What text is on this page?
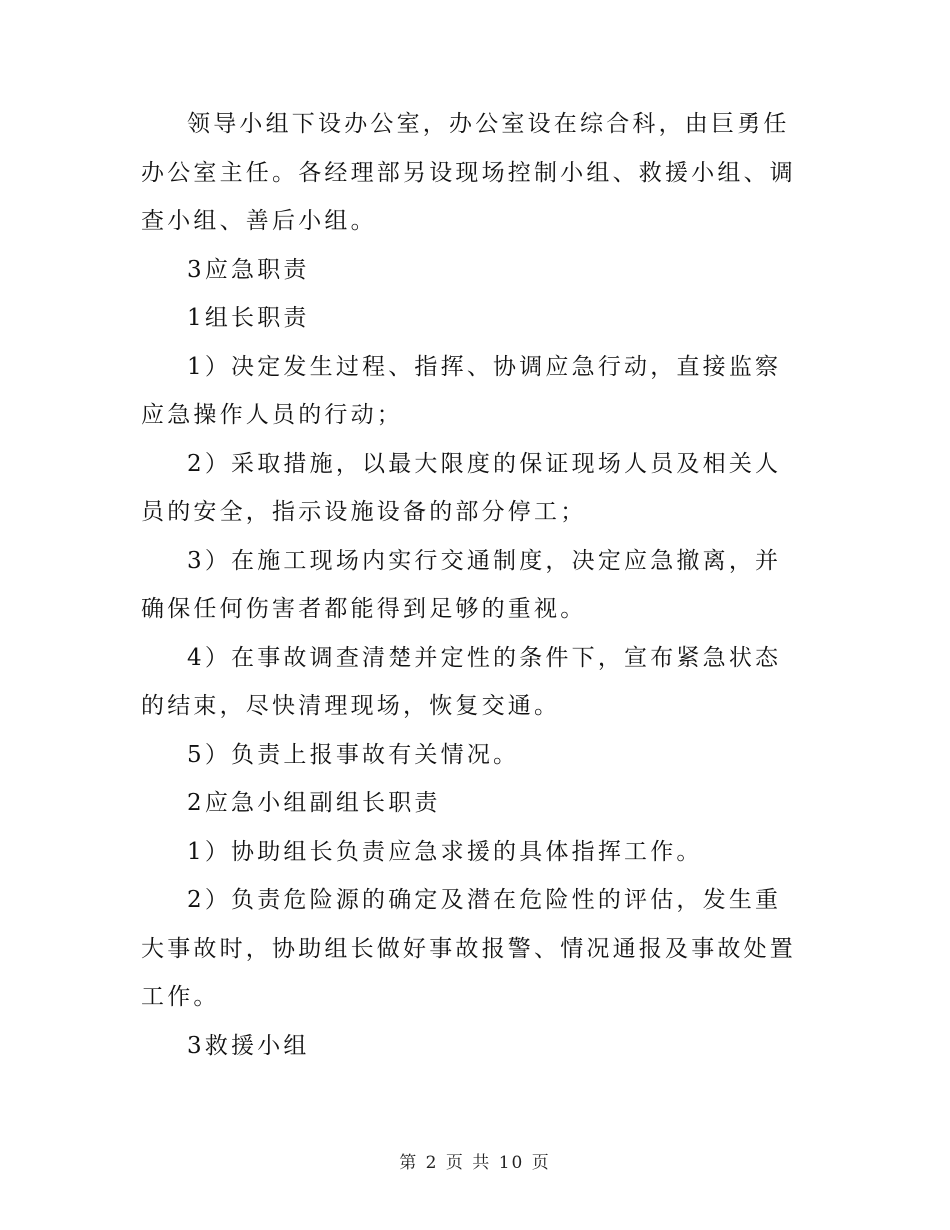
领导小组下设办公室，办公室设在综合科，由巨勇任办公室主任。各经理部另设现场控制小组、救援小组、调查小组、善后小组。

3应急职责

1组长职责

1）决定发生过程、指挥、协调应急行动，直接监察应急操作人员的行动；

2）采取措施，以最大限度的保证现场人员及相关人员的安全，指示设施设备的部分停工；

3）在施工现场内实行交通制度，决定应急撤离，并确保任何伤害者都能得到足够的重视。

4）在事故调查清楚并定性的条件下，宣布紧急状态的结束，尽快清理现场，恢复交通。

5）负责上报事故有关情况。

2应急小组副组长职责

1）协助组长负责应急求援的具体指挥工作。

2）负责危险源的确定及潜在危险性的评估，发生重大事故时，协助组长做好事故报警、情况通报及事故处置工作。

3救援小组

第 2 页 共 10 页
